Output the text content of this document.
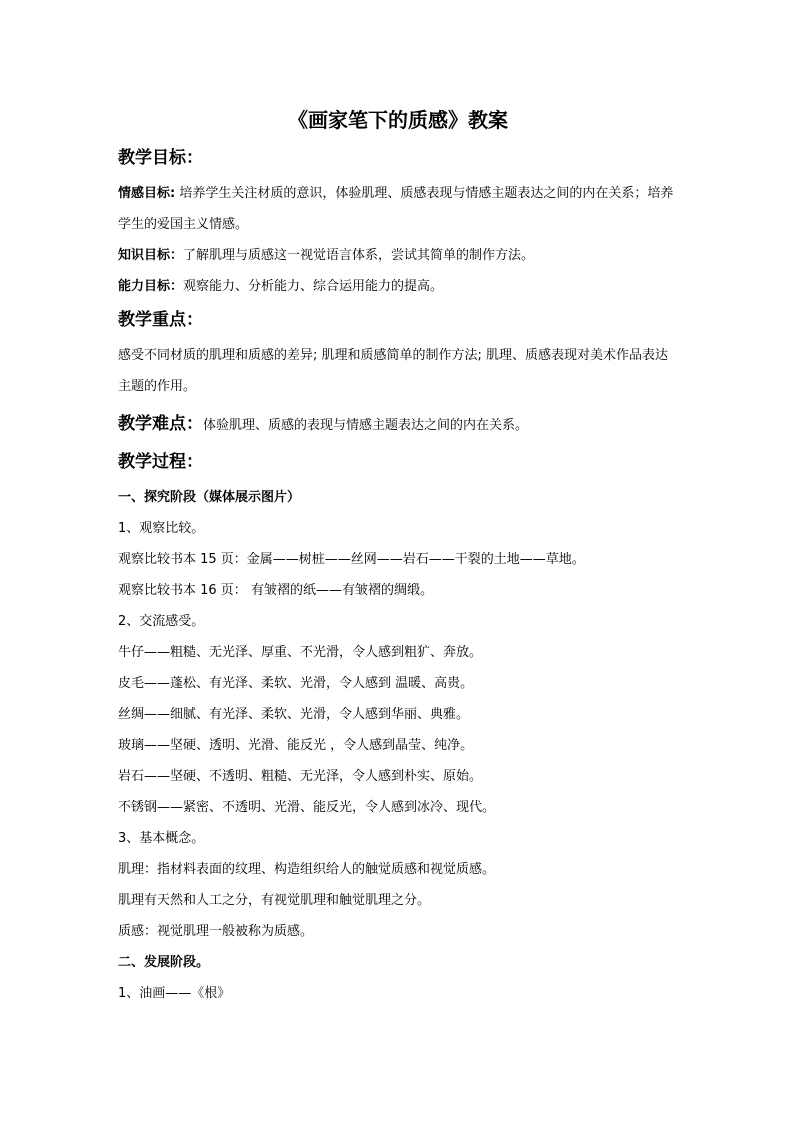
《画家笔下的质感》教案
教学目标：
情感目标: 培养学生关注材质的意识，体验肌理、质感表现与情感主题表达之间的内在关系；培养学生的爱国主义情感。
知识目标：了解肌理与质感这一视觉语言体系，尝试其简单的制作方法。
能力目标：观察能力、分析能力、综合运用能力的提高。
教学重点：
感受不同材质的肌理和质感的差异; 肌理和质感简单的制作方法; 肌理、质感表现对美术作品表达主题的作用。
教学难点：体验肌理、质感的表现与情感主题表达之间的内在关系。
教学过程：
一、探究阶段（媒体展示图片）
1、观察比较。
观察比较书本 15 页：金属——树桩——丝网——岩石——干裂的土地——草地。
观察比较书本 16 页： 有皱褶的纸——有皱褶的绸缎。
2、交流感受。
牛仔——粗糙、无光泽、厚重、不光滑，令人感到粗犷、奔放。
皮毛——蓬松、有光泽、柔软、光滑，令人感到 温暖、高贵。
丝绸——细腻、有光泽、柔软、光滑，令人感到华丽、典雅。
玻璃——坚硬、透明、光滑、能反光 ，令人感到晶莹、纯净。
岩石——坚硬、不透明、粗糙、无光泽，令人感到朴实、原始。
不锈钢——紧密、不透明、光滑、能反光，令人感到冰冷、现代。
3、基本概念。
肌理：指材料表面的纹理、构造组织给人的触觉质感和视觉质感。
肌理有天然和人工之分，有视觉肌理和触觉肌理之分。
质感：视觉肌理一般被称为质感。
二、发展阶段。
1、油画——《根》
